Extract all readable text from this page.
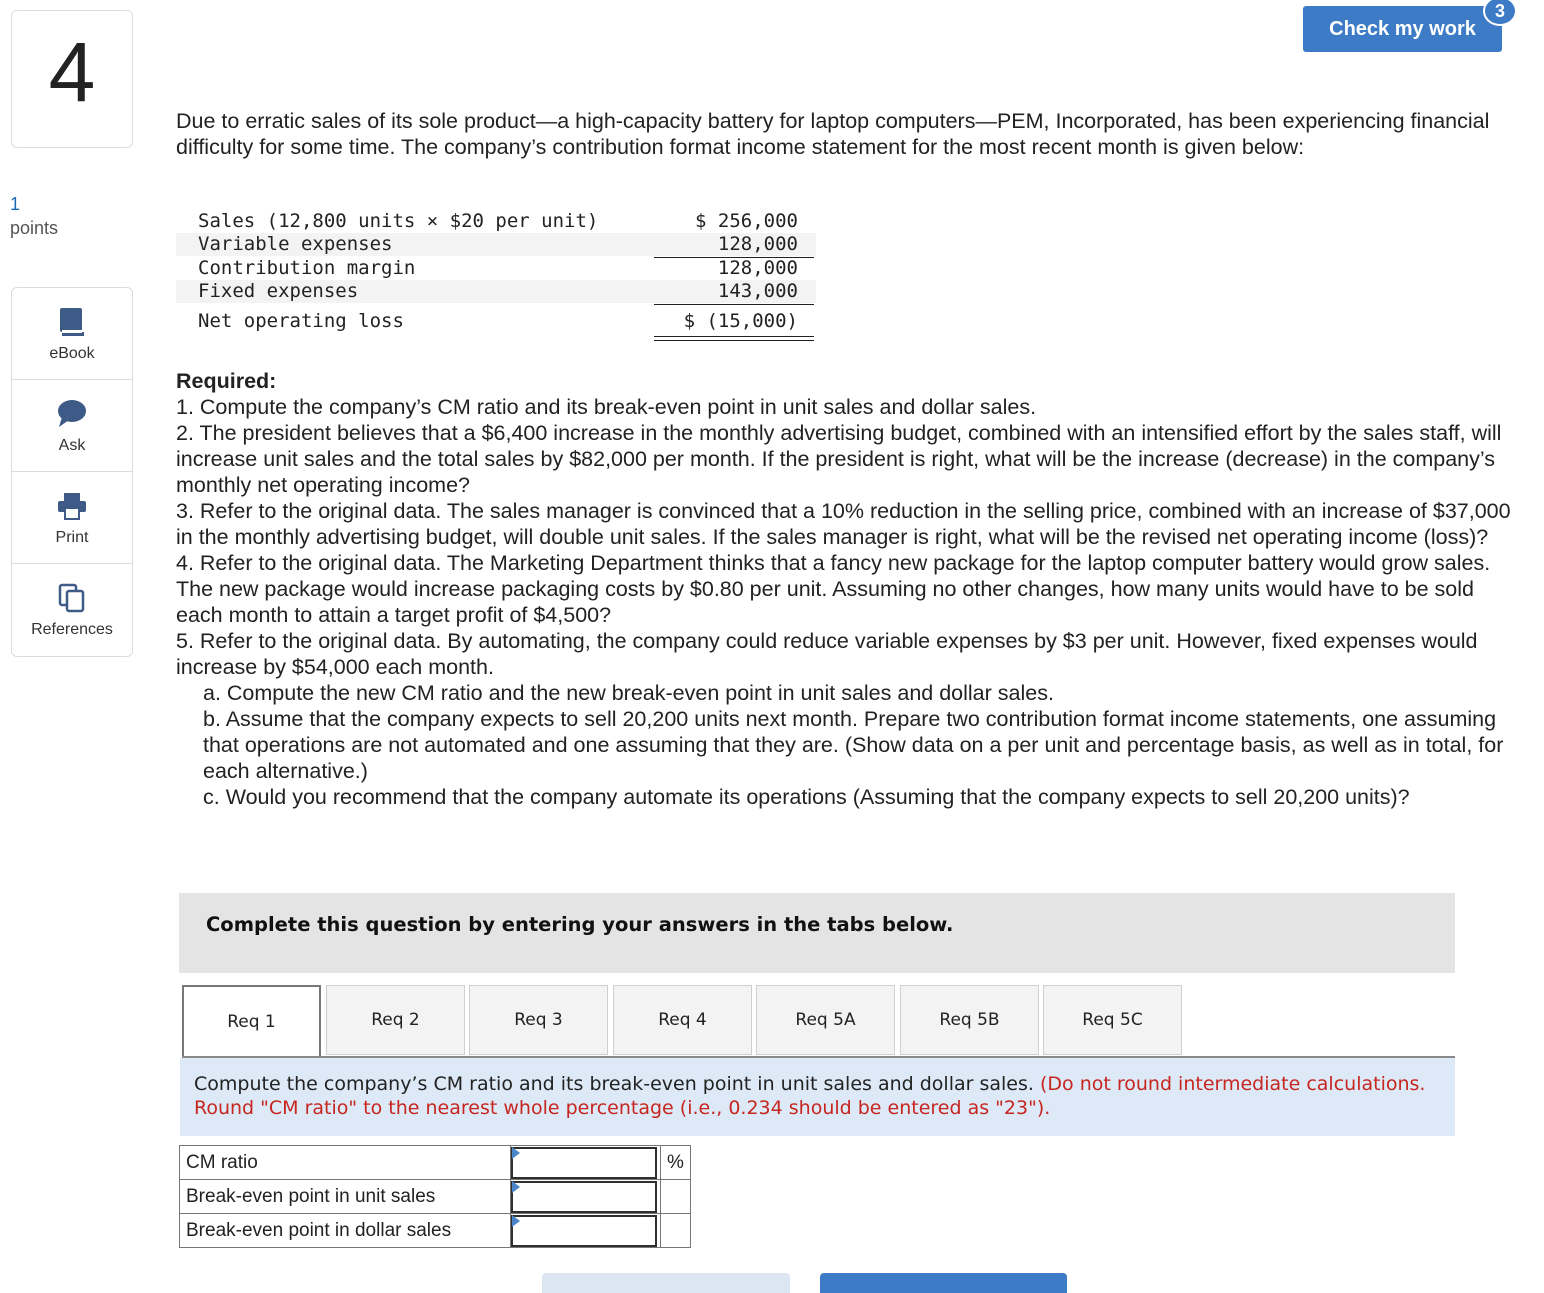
4
1
points
eBook
Ask
Print
References
Check my work
3
Due to erratic sales of its sole product—a high-capacity battery for laptop computers—PEM, Incorporated, has been experiencing financial difficulty for some time. The company’s contribution format income statement for the most recent month is given below:
Sales (12,800 units × $20 per unit)	$ 256,000
Variable expenses	128,000
Contribution margin	128,000
Fixed expenses	143,000
Net operating loss	$ (15,000)
Required:
1. Compute the company’s CM ratio and its break-even point in unit sales and dollar sales.
2. The president believes that a $6,400 increase in the monthly advertising budget, combined with an intensified effort by the sales staff, will increase unit sales and the total sales by $82,000 per month. If the president is right, what will be the increase (decrease) in the company’s monthly net operating income?
3. Refer to the original data. The sales manager is convinced that a 10% reduction in the selling price, combined with an increase of $37,000 in the monthly advertising budget, will double unit sales. If the sales manager is right, what will be the revised net operating income (loss)?
4. Refer to the original data. The Marketing Department thinks that a fancy new package for the laptop computer battery would grow sales. The new package would increase packaging costs by $0.80 per unit. Assuming no other changes, how many units would have to be sold each month to attain a target profit of $4,500?
5. Refer to the original data. By automating, the company could reduce variable expenses by $3 per unit. However, fixed expenses would increase by $54,000 each month.
a. Compute the new CM ratio and the new break-even point in unit sales and dollar sales.
b. Assume that the company expects to sell 20,200 units next month. Prepare two contribution format income statements, one assuming that operations are not automated and one assuming that they are. (Show data on a per unit and percentage basis, as well as in total, for each alternative.)
c. Would you recommend that the company automate its operations (Assuming that the company expects to sell 20,200 units)?
Complete this question by entering your answers in the tabs below.
Req 1	Req 2	Req 3	Req 4	Req 5A	Req 5B	Req 5C
Compute the company’s CM ratio and its break-even point in unit sales and dollar sales. (Do not round intermediate calculations. Round "CM ratio" to the nearest whole percentage (i.e., 0.234 should be entered as "23").
CM ratio		%
Break-even point in unit sales	

Break-even point in dollar sales	
